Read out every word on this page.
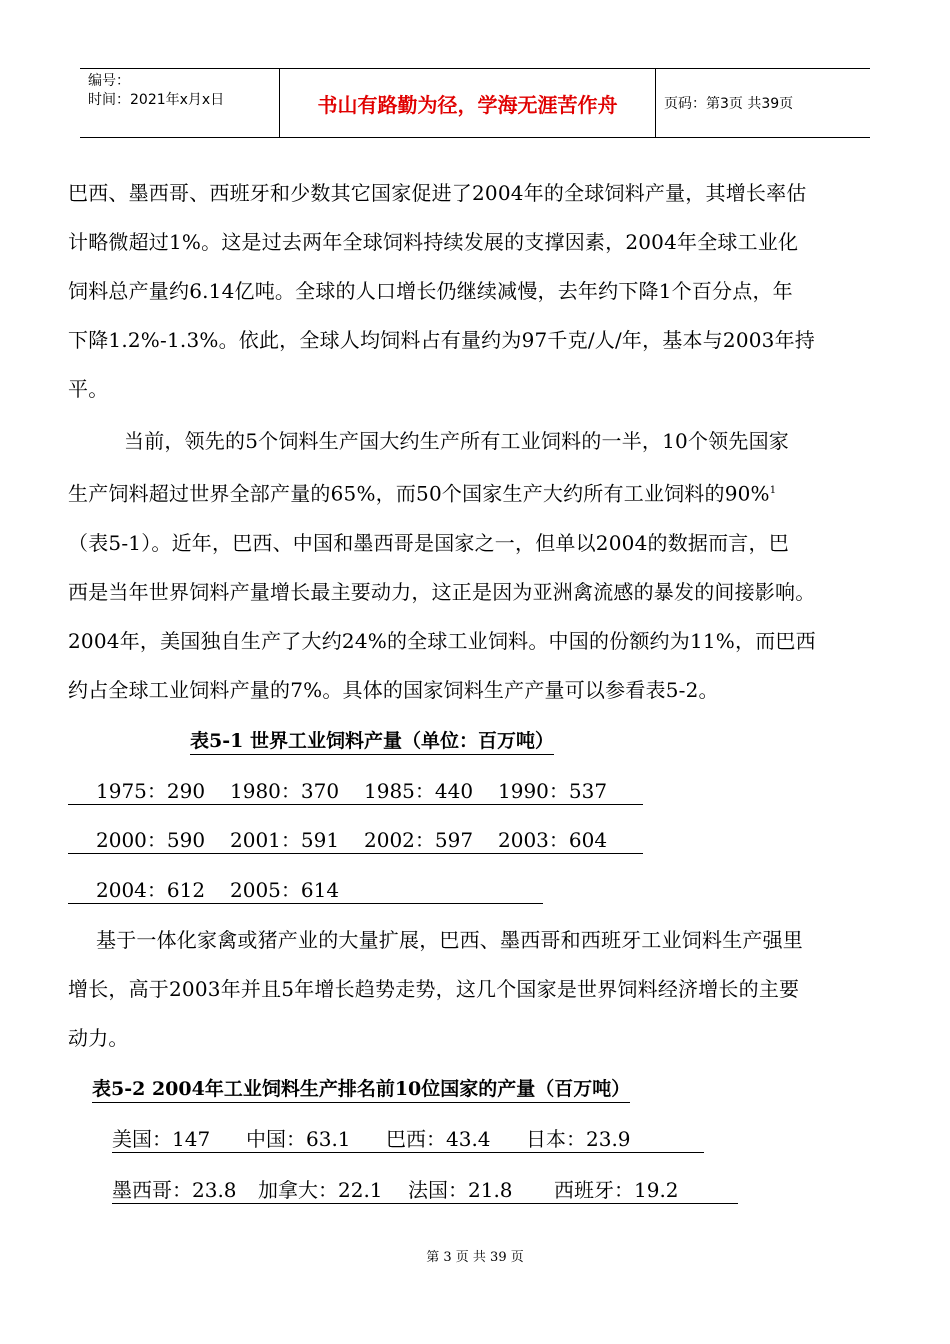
编号：
时间：2021年x月x日	书山有路勤为径，学海无涯苦作舟	页码：第3页 共39页
巴西、墨西哥、西班牙和少数其它国家促进了2004年的全球饲料产量，其增长率估
计略微超过1%。这是过去两年全球饲料持续发展的支撑因素，2004年全球工业化
饲料总产量约6.14亿吨。全球的人口增长仍继续减慢，去年约下降1个百分点，年
下降1.2%-1.3%。依此，全球人均饲料占有量约为97千克/人/年，基本与2003年持
平。
当前，领先的5个饲料生产国大约生产所有工业饲料的一半，10个领先国家
生产饲料超过世界全部产量的65%，而50个国家生产大约所有工业饲料的90%$^1$
（表5-1）。近年，巴西、中国和墨西哥是国家之一，但单以2004的数据而言，巴
西是当年世界饲料产量增长最主要动力，这正是因为亚洲禽流感的暴发的间接影响。
2004年，美国独自生产了大约24%的全球工业饲料。中国的份额约为11%，而巴西
约占全球工业饲料产量的7%。具体的国家饲料生产产量可以参看表5-2。
表5-1 世界工业饲料产量（单位：百万吨）
1975：290 1980：370 1985：440 1990：537
2000：590 2001：591 2002：597 2003：604
2004：612 2005：614
基于一体化家禽或猪产业的大量扩展，巴西、墨西哥和西班牙工业饲料生产强里
增长，高于2003年并且5年增长趋势走势，这几个国家是世界饲料经济增长的主要
动力。
表5-2 2004年工业饲料生产排名前10位国家的产量（百万吨）
美国：147 中国：63.1 巴西：43.4 日本：23.9
墨西哥：23.8 加拿大：22.1 法国：21.8 西班牙：19.2
第 3 页 共 39 页
